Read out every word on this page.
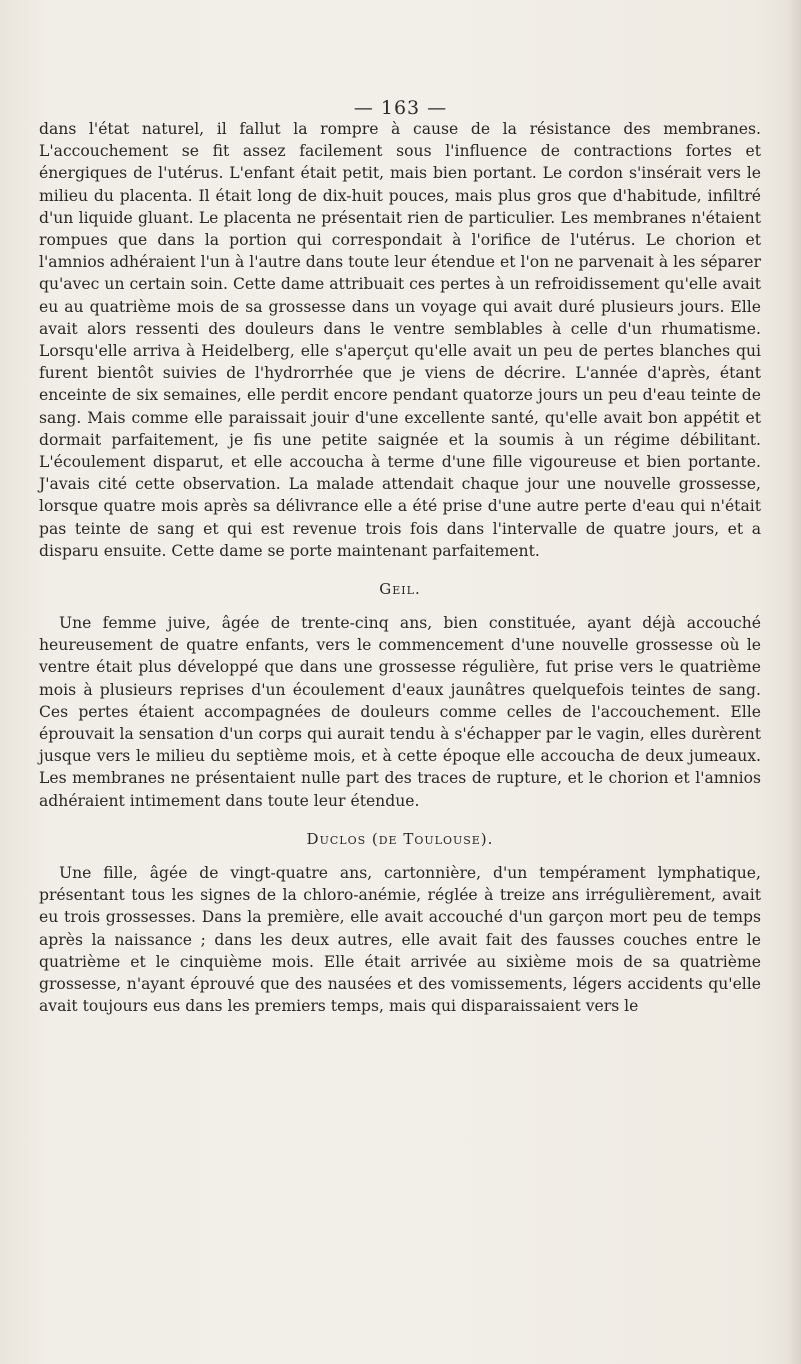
— 163 —

dans l'état naturel, il fallut la rompre à cause de la résistance des membranes. L'accouchement se fit assez facilement sous l'influence de contractions fortes et énergiques de l'utérus. L'enfant était petit, mais bien portant. Le cordon s'insérait vers le milieu du placenta. Il était long de dix-huit pouces, mais plus gros que d'habitude, infiltré d'un liquide gluant. Le placenta ne présentait rien de particulier. Les membranes n'étaient rompues que dans la portion qui correspondait à l'orifice de l'utérus. Le chorion et l'amnios adhéraient l'un à l'autre dans toute leur étendue et l'on ne parvenait à les séparer qu'avec un certain soin. Cette dame attribuait ces pertes à un refroidissement qu'elle avait eu au quatrième mois de sa grossesse dans un voyage qui avait duré plusieurs jours. Elle avait alors ressenti des douleurs dans le ventre semblables à celle d'un rhumatisme. Lorsqu'elle arriva à Heidelberg, elle s'aperçut qu'elle avait un peu de pertes blanches qui furent bientôt suivies de l'hydrorrhée que je viens de décrire. L'année d'après, étant enceinte de six semaines, elle perdit encore pendant quatorze jours un peu d'eau teinte de sang. Mais comme elle paraissait jouir d'une excellente santé, qu'elle avait bon appétit et dormait parfaitement, je fis une petite saignée et la soumis à un régime débilitant. L'écoulement disparut, et elle accoucha à terme d'une fille vigoureuse et bien portante. J'avais cité cette observation. La malade attendait chaque jour une nouvelle grossesse, lorsque quatre mois après sa délivrance elle a été prise d'une autre perte d'eau qui n'était pas teinte de sang et qui est revenue trois fois dans l'intervalle de quatre jours, et a disparu ensuite. Cette dame se porte maintenant parfaitement.

Geil.

Une femme juive, âgée de trente-cinq ans, bien constituée, ayant déjà accouché heureusement de quatre enfants, vers le commencement d'une nouvelle grossesse où le ventre était plus développé que dans une grossesse régulière, fut prise vers le quatrième mois à plusieurs reprises d'un écoulement d'eaux jaunâtres quelquefois teintes de sang. Ces pertes étaient accompagnées de douleurs comme celles de l'accouchement. Elle éprouvait la sensation d'un corps qui aurait tendu à s'échapper par le vagin, elles durèrent jusque vers le milieu du septième mois, et à cette époque elle accoucha de deux jumeaux. Les membranes ne présentaient nulle part des traces de rupture, et le chorion et l'amnios adhéraient intimement dans toute leur étendue.

Duclos (de Toulouse).

Une fille, âgée de vingt-quatre ans, cartonnière, d'un tempérament lymphatique, présentant tous les signes de la chloro-anémie, réglée à treize ans irrégulièrement, avait eu trois grossesses. Dans la première, elle avait accouché d'un garçon mort peu de temps après la naissance ; dans les deux autres, elle avait fait des fausses couches entre le quatrième et le cinquième mois. Elle était arrivée au sixième mois de sa quatrième grossesse, n'ayant éprouvé que des nausées et des vomissements, légers accidents qu'elle avait toujours eus dans les premiers temps, mais qui disparaissaient vers le
